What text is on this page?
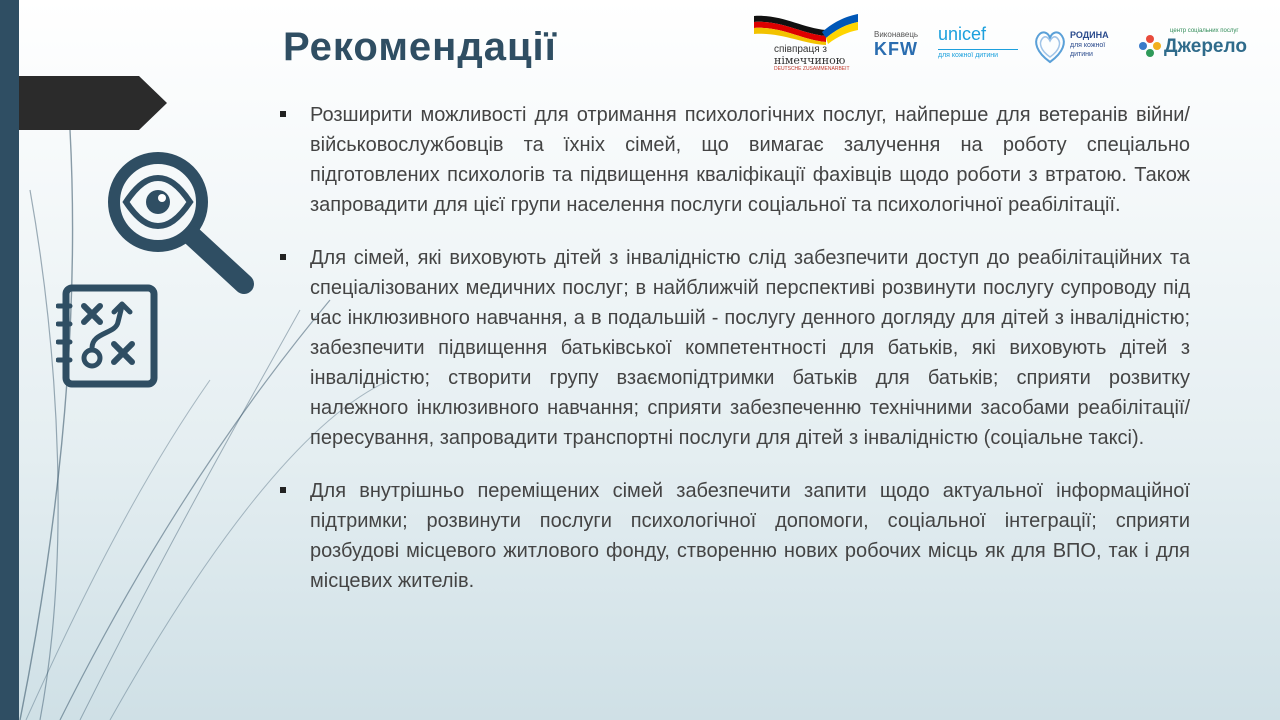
Рекомендації	співпраця з
німеччиною
DEUTSCHE ZUSAMMENARBEIT
Виконавець
KFW
unicef
для кожної дитини
РОДИНА
для кожної
дитини
центр соціальних послуг
Джерело
Розширити можливості для отримання психологічних послуг, найперше для ветеранів війни/військовослужбовців та їхніх сімей, що вимагає залучення на роботу спеціально підготовлених психологів та підвищення кваліфікації фахівців щодо роботи з втратою. Також запровадити для цієї групи населення послуги соціальної та психологічної реабілітації.
Для сімей, які виховують дітей з інвалідністю слід забезпечити доступ до реабілітаційних та спеціалізованих медичних послуг; в найближчій перспективі розвинути послугу супроводу під час інклюзивного навчання, а в подальшій - послугу денного догляду для дітей з інвалідністю; забезпечити підвищення батьківської компетентності для батьків, які виховують дітей з інвалідністю; створити групу взаємопідтримки батьків для батьків; сприяти розвитку належного інклюзивного навчання; сприяти забезпеченню технічними засобами реабілітації/пересування, запровадити транспортні послуги для дітей з інвалідністю (соціальне таксі).
Для внутрішньо переміщених сімей забезпечити запити щодо актуальної інформаційної підтримки; розвинути послуги психологічної допомоги, соціальної інтеграції; сприяти розбудові місцевого житлового фонду, створенню нових робочих місць як для ВПО, так і для місцевих жителів.
